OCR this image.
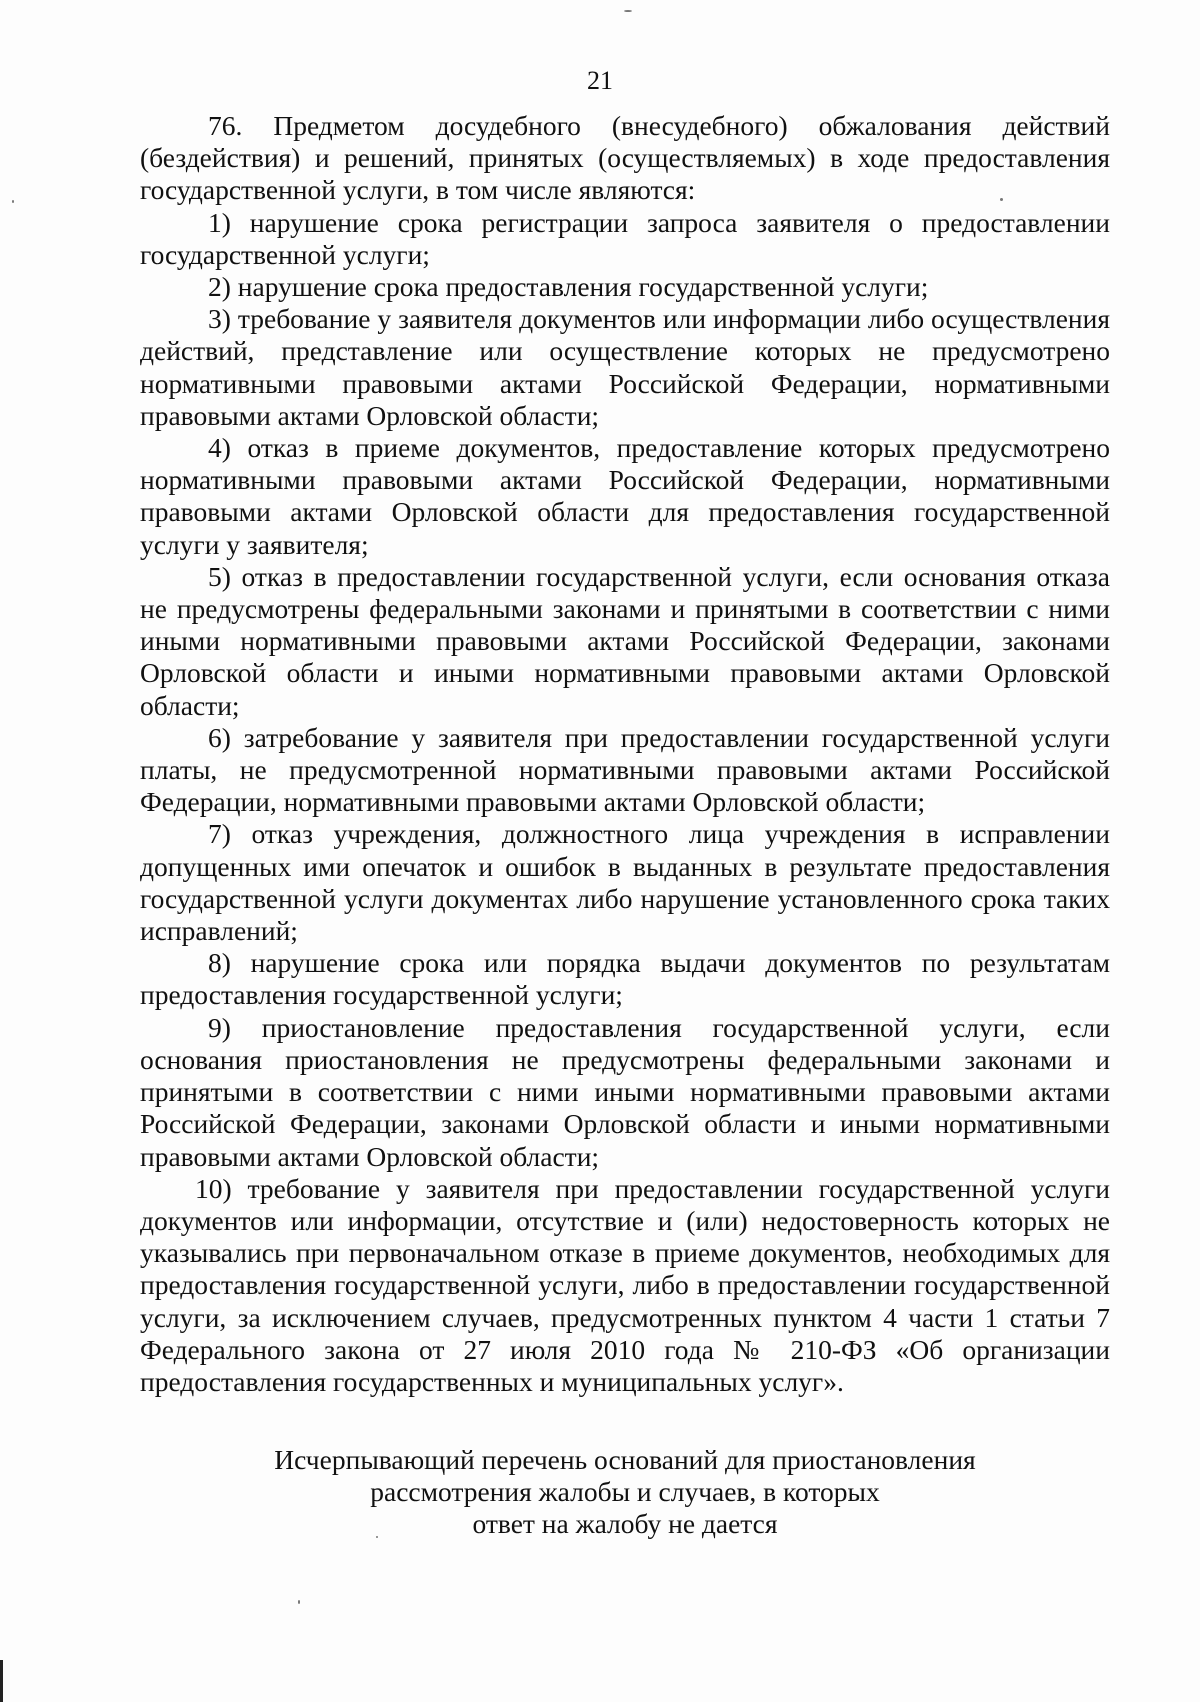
21

76. Предметом досудебного (внесудебного) обжалования действий (бездействия) и решений, принятых (осуществляемых) в ходе предоставления государственной услуги, в том числе являются:

1) нарушение срока регистрации запроса заявителя о предоставлении государственной услуги;

2) нарушение срока предоставления государственной услуги;

3) требование у заявителя документов или информации либо осуществления действий, представление или осуществление которых не предусмотрено нормативными правовыми актами Российской Федерации, нормативными правовыми актами Орловской области;

4) отказ в приеме документов, предоставление которых предусмотрено нормативными правовыми актами Российской Федерации, нормативными правовыми актами Орловской области для предоставления государственной услуги у заявителя;

5) отказ в предоставлении государственной услуги, если основания отказа не предусмотрены федеральными законами и принятыми в соответствии с ними иными нормативными правовыми актами Российской Федерации, законами Орловской области и иными нормативными правовыми актами Орловской области;

6) затребование у заявителя при предоставлении государственной услуги платы, не предусмотренной нормативными правовыми актами Российской Федерации, нормативными правовыми актами Орловской области;

7) отказ учреждения, должностного лица учреждения в исправлении допущенных ими опечаток и ошибок в выданных в результате предоставления государственной услуги документах либо нарушение установленного срока таких исправлений;

8) нарушение срока или порядка выдачи документов по результатам предоставления государственной услуги;

9) приостановление предоставления государственной услуги, если основания приостановления не предусмотрены федеральными законами и принятыми в соответствии с ними иными нормативными правовыми актами Российской Федерации, законами Орловской области и иными нормативными правовыми актами Орловской области;

10) требование у заявителя при предоставлении государственной услуги документов или информации, отсутствие и (или) недостоверность которых не указывались при первоначальном отказе в приеме документов, необходимых для предоставления государственной услуги, либо в предоставлении государственной услуги, за исключением случаев, предусмотренных пунктом 4 части 1 статьи 7 Федерального закона от 27 июля 2010 года № 210-ФЗ «Об организации предоставления государственных и муниципальных услуг».

Исчерпывающий перечень оснований для приостановления
рассмотрения жалобы и случаев, в которых
ответ на жалобу не дается
